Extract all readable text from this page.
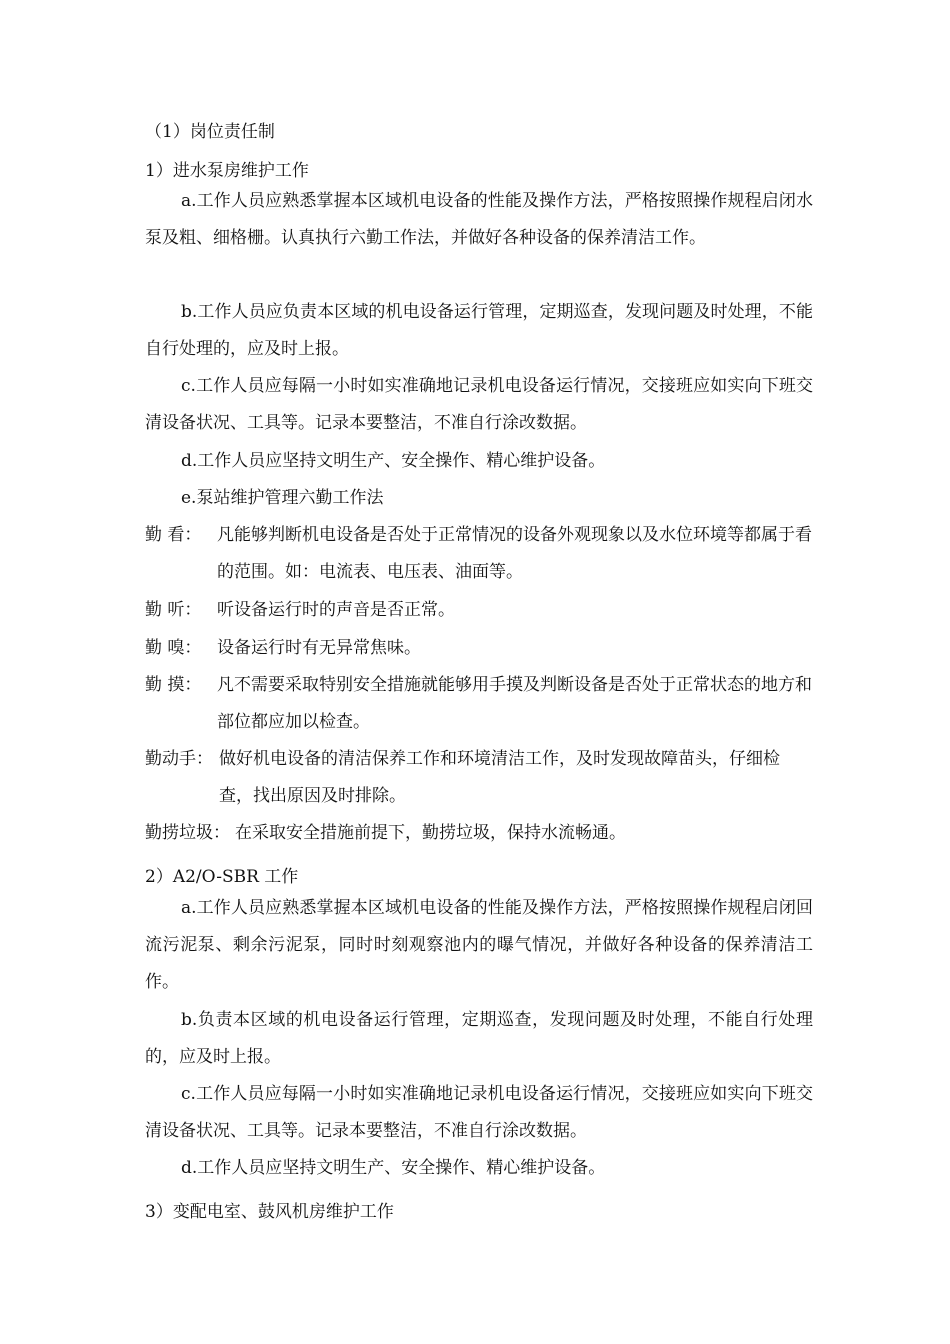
（1）岗位责任制
1）进水泵房维护工作
a.工作人员应熟悉掌握本区域机电设备的性能及操作方法，严格按照操作规程启闭水泵及粗、细格栅。认真执行六勤工作法，并做好各种设备的保养清洁工作。
b.工作人员应负责本区域的机电设备运行管理，定期巡查，发现问题及时处理，不能自行处理的，应及时上报。
c.工作人员应每隔一小时如实准确地记录机电设备运行情况，交接班应如实向下班交清设备状况、工具等。记录本要整洁，不准自行涂改数据。
d.工作人员应坚持文明生产、安全操作、精心维护设备。
e.泵站维护管理六勤工作法
勤 看： 凡能够判断机电设备是否处于正常情况的设备外观现象以及水位环境等都属于看的范围。如：电流表、电压表、油面等。
勤 听： 听设备运行时的声音是否正常。
勤 嗅： 设备运行时有无异常焦味。
勤 摸： 凡不需要采取特别安全措施就能够用手摸及判断设备是否处于正常状态的地方和部位都应加以检查。
勤动手： 做好机电设备的清洁保养工作和环境清洁工作，及时发现故障苗头，仔细检查，找出原因及时排除。
勤捞垃圾： 在采取安全措施前提下，勤捞垃圾，保持水流畅通。
2）A2/O-SBR 工作
a.工作人员应熟悉掌握本区域机电设备的性能及操作方法，严格按照操作规程启闭回流污泥泵、剩余污泥泵，同时时刻观察池内的曝气情况，并做好各种设备的保养清洁工作。
b.负责本区域的机电设备运行管理，定期巡查，发现问题及时处理，不能自行处理的，应及时上报。
c.工作人员应每隔一小时如实准确地记录机电设备运行情况，交接班应如实向下班交清设备状况、工具等。记录本要整洁，不准自行涂改数据。
d.工作人员应坚持文明生产、安全操作、精心维护设备。
3）变配电室、鼓风机房维护工作
